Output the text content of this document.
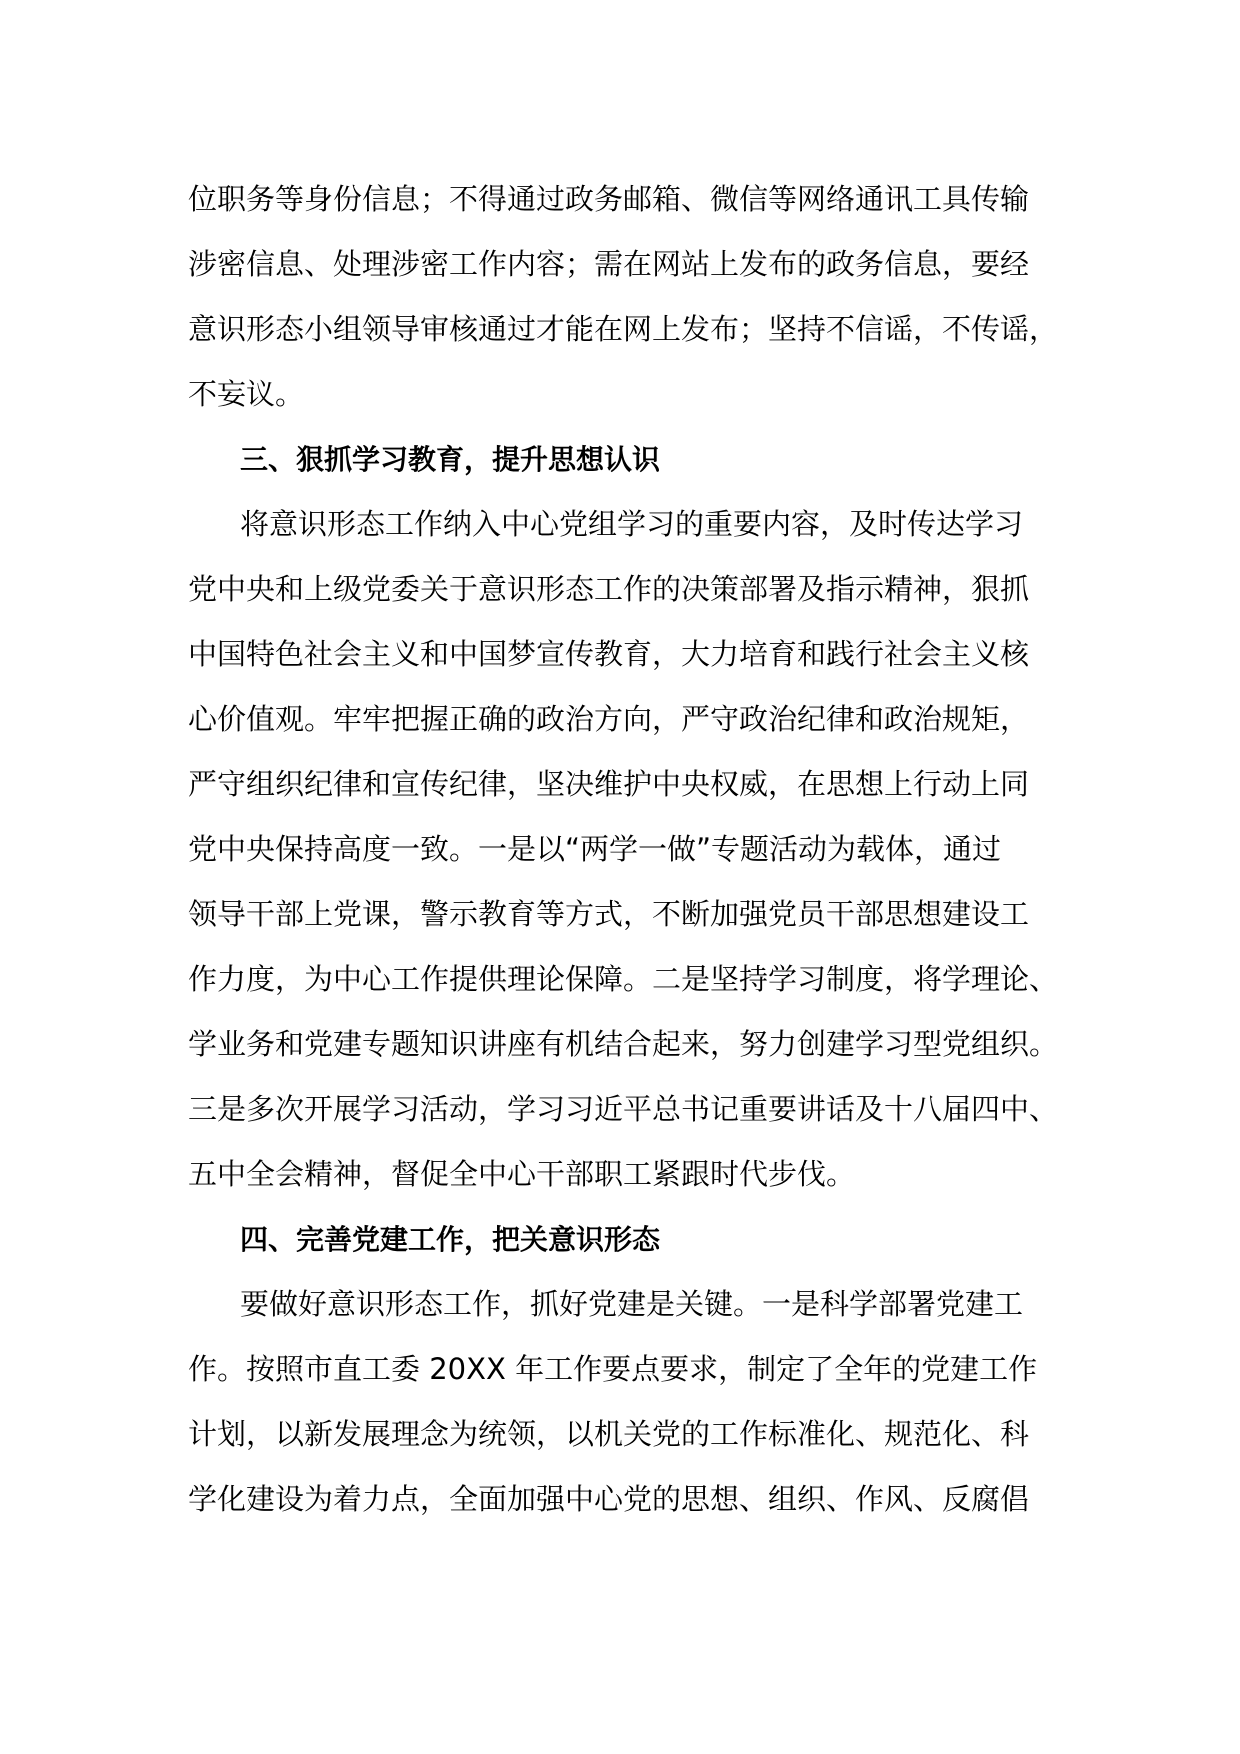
位职务等身份信息；不得通过政务邮箱、微信等网络通讯工具传输
涉密信息、处理涉密工作内容；需在网站上发布的政务信息，要经
意识形态小组领导审核通过才能在网上发布；坚持不信谣，不传谣，
不妄议。
三、狠抓学习教育，提升思想认识
将意识形态工作纳入中心党组学习的重要内容，及时传达学习
党中央和上级党委关于意识形态工作的决策部署及指示精神，狠抓
中国特色社会主义和中国梦宣传教育，大力培育和践行社会主义核
心价值观。牢牢把握正确的政治方向，严守政治纪律和政治规矩，
严守组织纪律和宣传纪律，坚决维护中央权威，在思想上行动上同
党中央保持高度一致。一是以“两学一做”专题活动为载体，通过
领导干部上党课，警示教育等方式，不断加强党员干部思想建设工
作力度，为中心工作提供理论保障。二是坚持学习制度，将学理论、
学业务和党建专题知识讲座有机结合起来，努力创建学习型党组织。
三是多次开展学习活动，学习习近平总书记重要讲话及十八届四中、
五中全会精神，督促全中心干部职工紧跟时代步伐。
四、完善党建工作，把关意识形态
要做好意识形态工作，抓好党建是关键。一是科学部署党建工
作。按照市直工委 20XX 年工作要点要求，制定了全年的党建工作
计划，以新发展理念为统领，以机关党的工作标准化、规范化、科
学化建设为着力点，全面加强中心党的思想、组织、作风、反腐倡
